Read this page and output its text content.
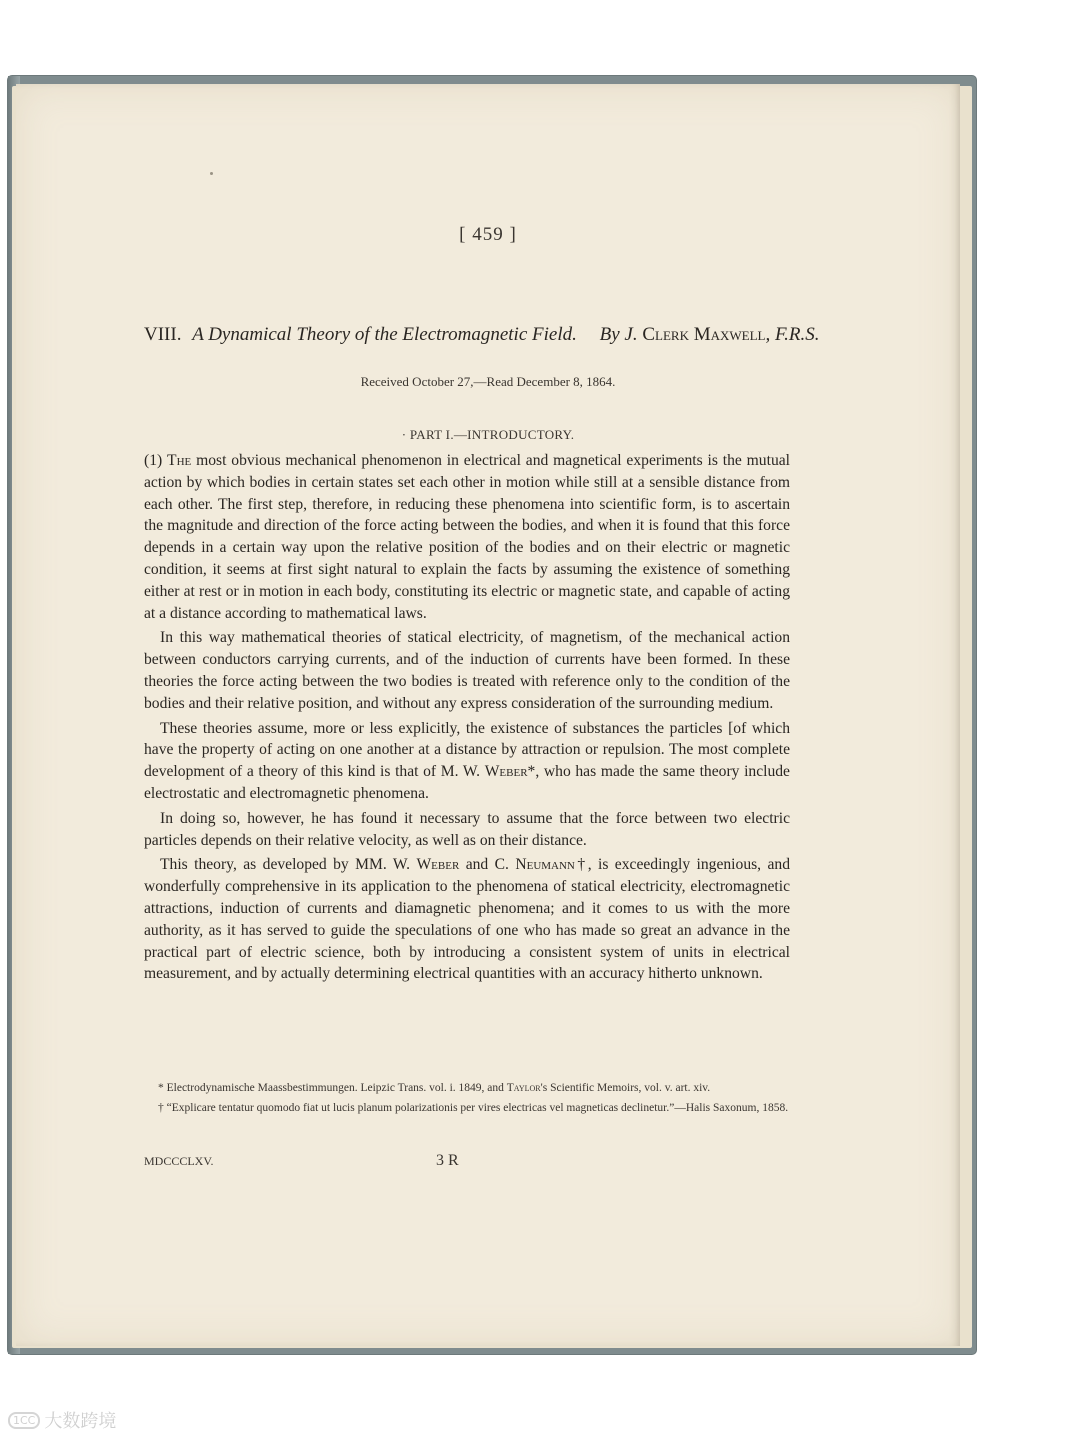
[ 459 ]
VIII. A Dynamical Theory of the Electromagnetic Field. By J. Clerk Maxwell, F.R.S.
Received October 27,—Read December 8, 1864.
· PART I.—INTRODUCTORY.

(1) The most obvious mechanical phenomenon in electrical and magnetical experiments is the mutual action by which bodies in certain states set each other in motion while still at a sensible distance from each other. The first step, therefore, in reducing these phenomena into scientific form, is to ascertain the magnitude and direction of the force acting between the bodies, and when it is found that this force depends in a certain way upon the relative position of the bodies and on their electric or magnetic condition, it seems at first sight natural to explain the facts by assuming the existence of something either at rest or in motion in each body, constituting its electric or magnetic state, and capable of acting at a distance according to mathematical laws.

In this way mathematical theories of statical electricity, of magnetism, of the mechanical action between conductors carrying currents, and of the induction of currents have been formed. In these theories the force acting between the two bodies is treated with reference only to the condition of the bodies and their relative position, and without any express consideration of the surrounding medium.

These theories assume, more or less explicitly, the existence of substances the particles [of which have the property of acting on one another at a distance by attraction or repulsion. The most complete development of a theory of this kind is that of M. W. Weber*, who has made the same theory include electrostatic and electromagnetic phenomena.

In doing so, however, he has found it necessary to assume that the force between two electric particles depends on their relative velocity, as well as on their distance.

This theory, as developed by MM. W. Weber and C. Neumann†, is exceedingly ingenious, and wonderfully comprehensive in its application to the phenomena of statical electricity, electromagnetic attractions, induction of currents and diamagnetic phenomena; and it comes to us with the more authority, as it has served to guide the speculations of one who has made so great an advance in the practical part of electric science, both by introducing a consistent system of units in electrical measurement, and by actually determining electrical quantities with an accuracy hitherto unknown.

* Electrodynamische Maassbestimmungen. Leipzic Trans. vol. i. 1849, and Taylor's Scientific Memoirs, vol. v. art. xiv.

† “Explicare tentatur quomodo fiat ut lucis planum polarizationis per vires electricas vel magneticas declinetur.”—Halis Saxonum, 1858.

MDCCCLXV.	3 R
1CC 大数跨境
